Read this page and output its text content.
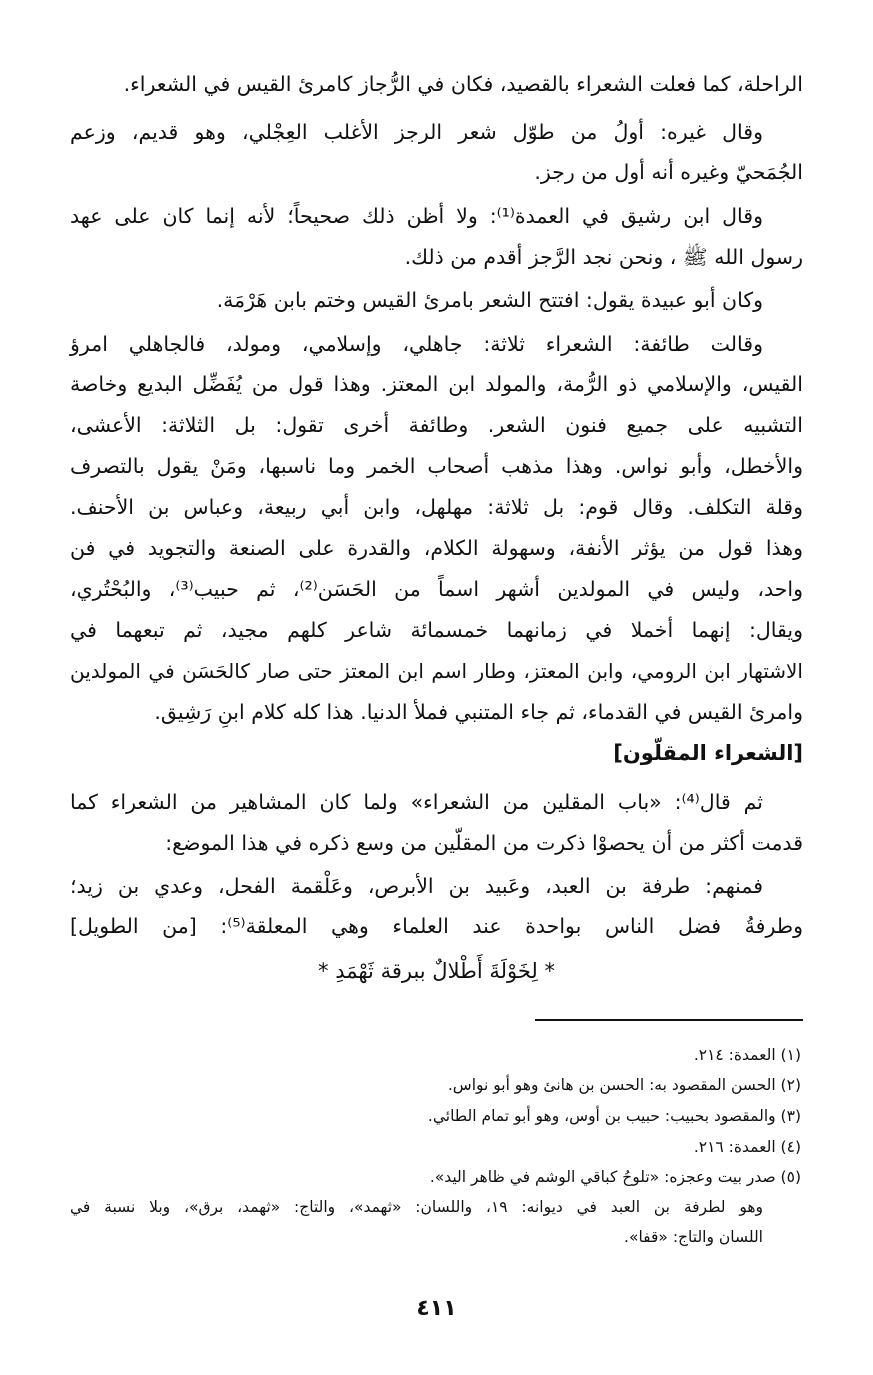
الراحلة، كما فعلت الشعراء بالقصيد، فكان في الرُّجاز كامرئ القيس في الشعراء.
وقال غيره: أولُ من طوّل شعر الرجز الأغلب العِجْلي، وهو قديم، وزعم
الجُمَحيّ وغيره أنه أول من رجز.
وقال ابن رشيق في العمدة⁽¹⁾: ولا أظن ذلك صحيحاً؛ لأنه إنما كان على عهد
رسول الله ﷺ ، ونحن نجد الرَّجز أقدم من ذلك.
وكان أبو عبيدة يقول: افتتح الشعر بامرئ القيس وختم بابن هَرْمَة.
وقالت طائفة: الشعراء ثلاثة: جاهلي، وإسلامي، ومولد، فالجاهلي امرؤ
القيس، والإسلامي ذو الرُّمة، والمولد ابن المعتز. وهذا قول من يُفَضِّل البديع وخاصة
التشبيه على جميع فنون الشعر. وطائفة أخرى تقول: بل الثلاثة: الأعشى،
والأخطل، وأبو نواس. وهذا مذهب أصحاب الخمر وما ناسبها، ومَنْ يقول بالتصرف
وقلة التكلف. وقال قوم: بل ثلاثة: مهلهل، وابن أبي ربيعة، وعباس بن الأحنف.
وهذا قول من يؤثر الأنفة، وسهولة الكلام، والقدرة على الصنعة والتجويد في فن
واحد، وليس في المولدين أشهر اسماً من الحَسَن⁽²⁾، ثم حبيب⁽³⁾، والبُحْتُري،
ويقال: إنهما أخملا في زمانهما خمسمائة شاعر كلهم مجيد، ثم تبعهما في
الاشتهار ابن الرومي، وابن المعتز، وطار اسم ابن المعتز حتى صار كالحَسَن في المولدين
وامرئ القيس في القدماء، ثم جاء المتنبي فملأ الدنيا. هذا كله كلام ابنِ رَشِيق.
[الشعراء المقلّون]
ثم قال⁽⁴⁾: «باب المقلين من الشعراء» ولما كان المشاهير من الشعراء كما
قدمت أكثر من أن يحصوْا ذكرت من المقلّين من وسع ذكره في هذا الموضع:
فمنهم: طرفة بن العبد، وعَبيد بن الأبرص، وعَلْقمة الفحل، وعدي بن زيد؛
وطرفةُ فضل الناس بواحدة عند العلماء وهي المعلقة⁽⁵⁾: [من الطويل]
* لِخَوْلَةَ أَطْلالٌ ببرقة ثَهْمَدِ *
(١) العمدة: ٢١٤.
(٢) الحسن المقصود به: الحسن بن هانئ وهو أبو نواس.
(٣) والمقصود بحبيب: حبيب بن أوس، وهو أبو تمام الطائي.
(٤) العمدة: ٢١٦.
(٥) صدر بيت وعجزه: «تلوحُ كباقي الوشم في ظاهر اليد».
وهو لطرفة بن العبد في ديوانه: ١٩، واللسان: «ثهمد»، والتاج: «ثهمد، برق»، وبلا نسبة في
اللسان والتاج: «قفا».
٤١١
